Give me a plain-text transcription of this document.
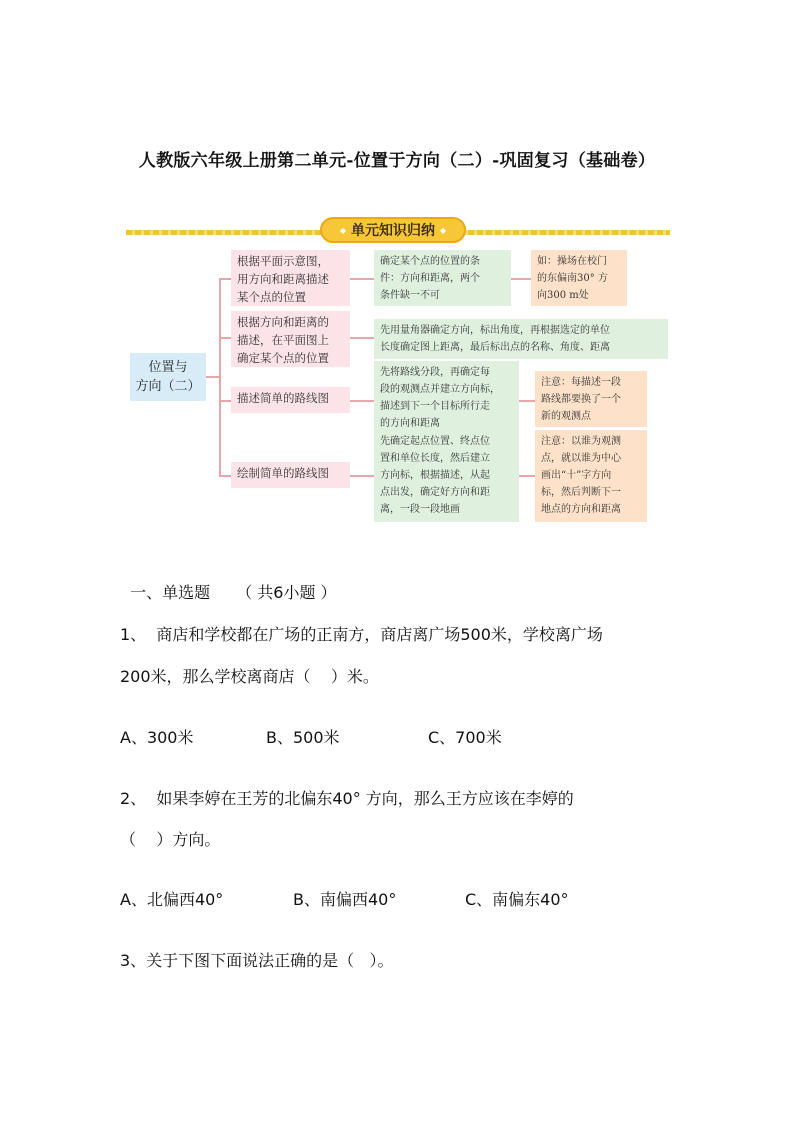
人教版六年级上册第二单元-位置于方向（二）-巩固复习（基础卷）
◆ 单元知识归纳 ◆
位置与
方向（二）
根据平面示意图，
用方向和距离描述
某个点的位置
确定某个点的位置的条
件：方向和距离，两个
条件缺一不可
如：操场在校门
的东偏南30° 方
向300 m处
根据方向和距离的
描述，在平面图上
确定某个点的位置
先用量角器确定方向，标出角度，再根据选定的单位
长度确定图上距离，最后标出点的名称、角度、距离
描述简单的路线图
先将路线分段，再确定每
段的观测点并建立方向标，
描述到下一个目标所行走
的方向和距离
注意：每描述一段
路线都要换了一个
新的观测点
绘制简单的路线图
先确定起点位置、终点位
置和单位长度，然后建立
方向标，根据描述，从起
点出发，确定好方向和距
离，一段一段地画
注意：以谁为观测
点，就以谁为中心
画出“十”字方向
标，然后判断下一
地点的方向和距离

一、单选题 （ 共6小题 ）

1、  商店和学校都在广场的正南方，商店离广场500米，学校离广场
200米，那么学校离商店（    ）米。
A、300米	B、500米	C、700米
2、  如果李婷在王芳的北偏东40° 方向，那么王方应该在李婷的
（    ）方向。
A、北偏西40°	B、南偏西40°	C、南偏东40°
3、关于下图下面说法正确的是（   ）。
